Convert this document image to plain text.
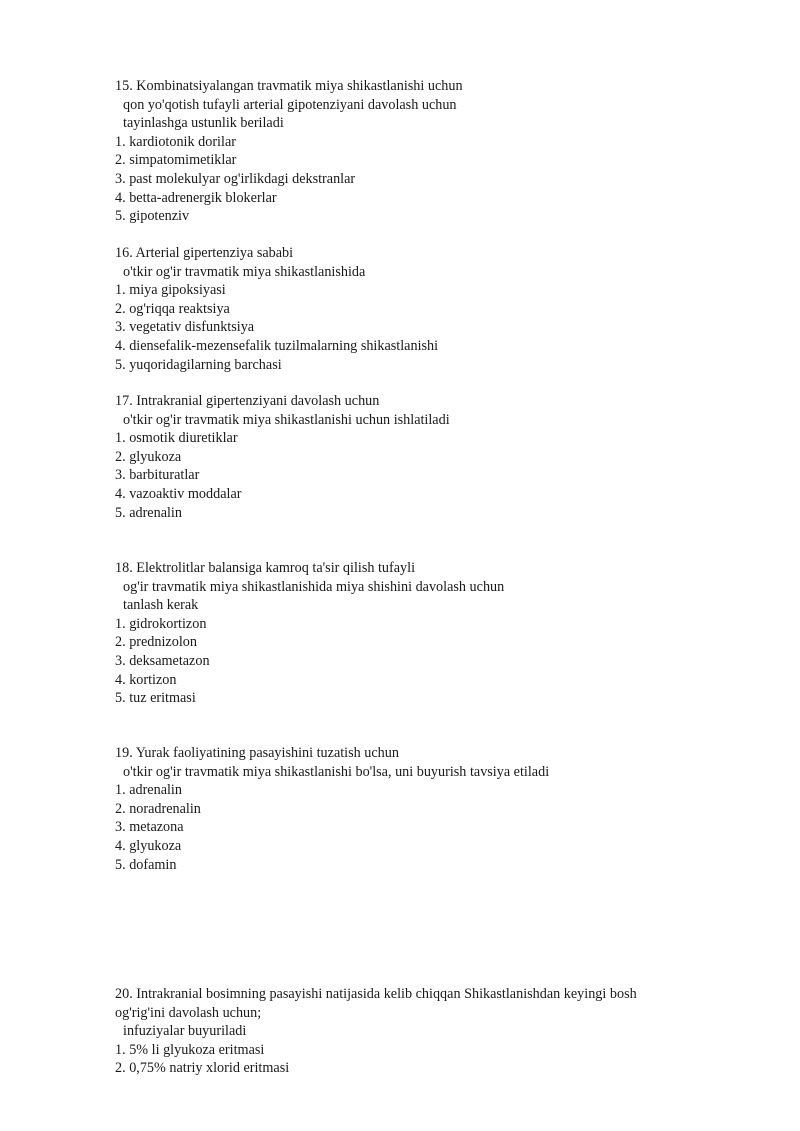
15. Kombinatsiyalangan travmatik miya shikastlanishi uchun
qon yo'qotish tufayli arterial gipotenziyani davolash uchun
tayinlashga ustunlik beriladi
1. kardiotonik dorilar
2. simpatomimetiklar
3. past molekulyar og'irlikdagi dekstranlar
4. betta-adrenergik blokerlar
5. gipotenziv
16. Arterial gipertenziya sababi
o'tkir og'ir travmatik miya shikastlanishida
1. miya gipoksiyasi
2. og'riqqa reaktsiya
3. vegetativ disfunktsiya
4. diensefalik-mezensefalik tuzilmalarning shikastlanishi
5. yuqoridagilarning barchasi
17. Intrakranial gipertenziyani davolash uchun
o'tkir og'ir travmatik miya shikastlanishi uchun ishlatiladi
1. osmotik diuretiklar
2. glyukoza
3. barbituratlar
4. vazoaktiv moddalar
5. adrenalin
18. Elektrolitlar balansiga kamroq ta'sir qilish tufayli
og'ir travmatik miya shikastlanishida miya shishini davolash uchun
tanlash kerak
1. gidrokortizon
2. prednizolon
3. deksametazon
4. kortizon
5. tuz eritmasi
19. Yurak faoliyatining pasayishini tuzatish uchun
o'tkir og'ir travmatik miya shikastlanishi bo'lsa, uni buyurish tavsiya etiladi
1. adrenalin
2. noradrenalin
3. metazona
4. glyukoza
5. dofamin
20. Intrakranial bosimning pasayishi natijasida kelib chiqqan Shikastlanishdan keyingi bosh
og'rig'ini davolash uchun;
infuziyalar buyuriladi
1. 5% li glyukoza eritmasi
2. 0,75% natriy xlorid eritmasi
